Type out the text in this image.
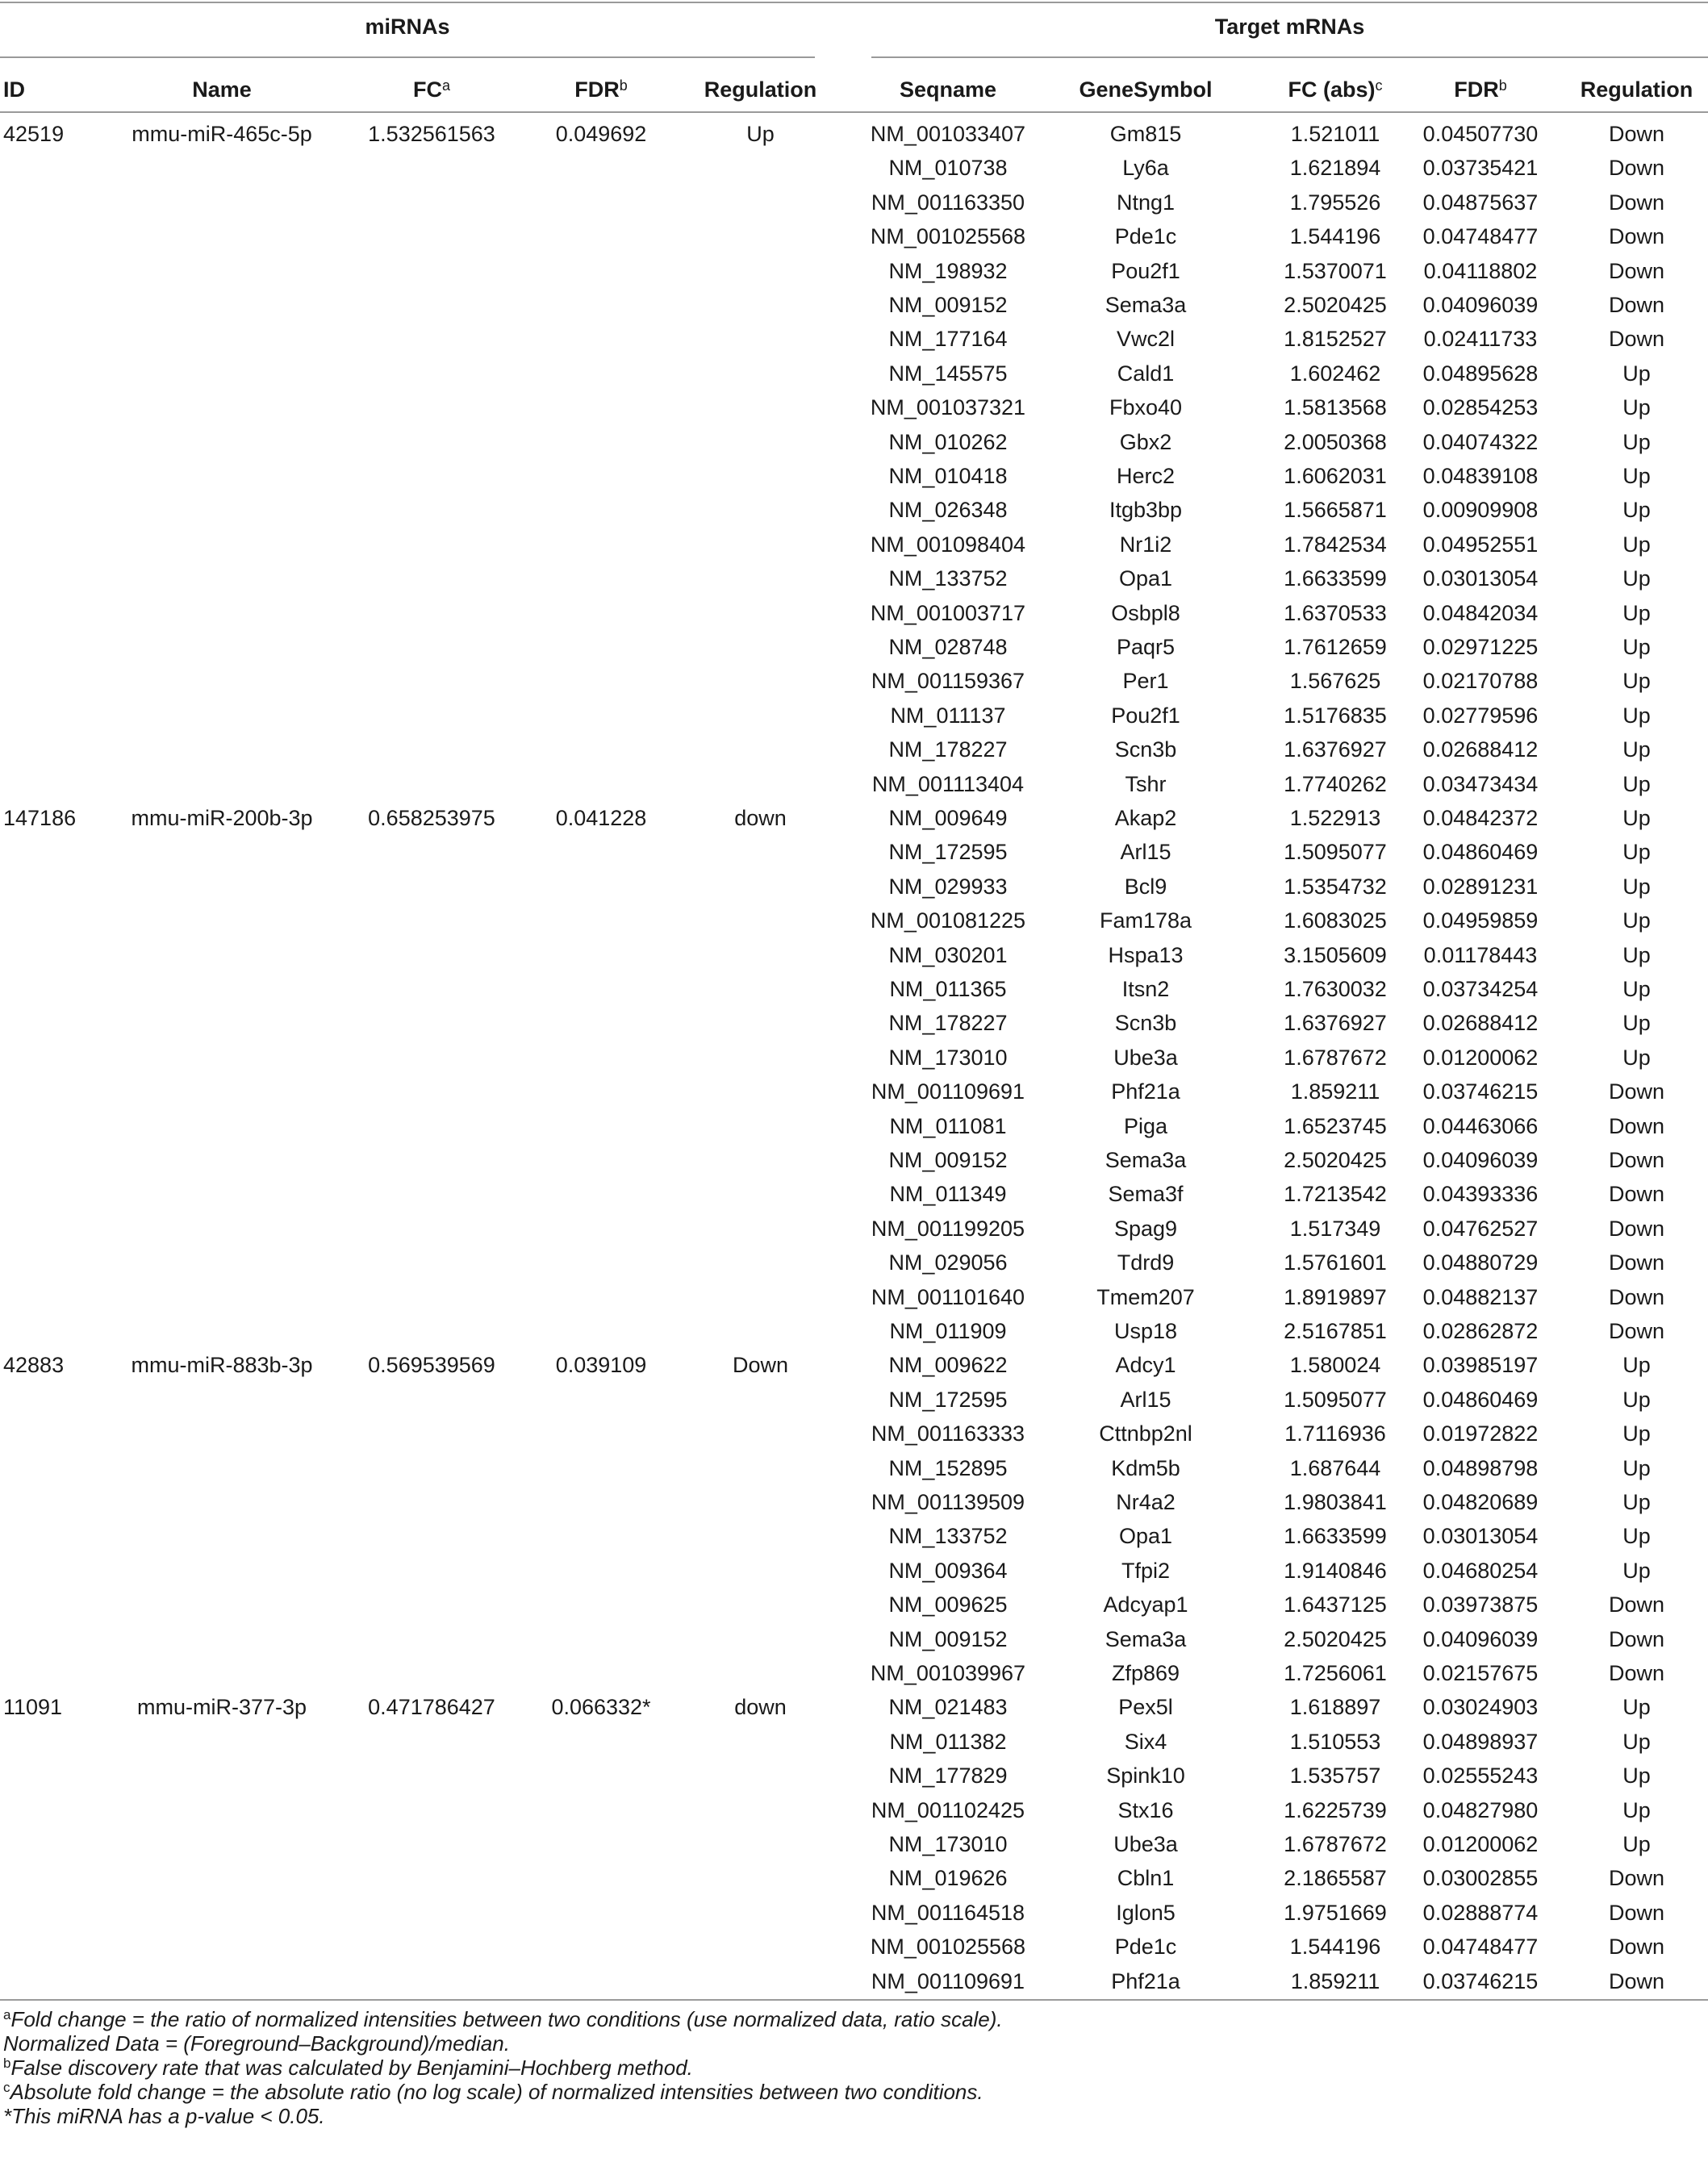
miRNAs	Target mRNAs
ID	Name	$FC^a$	FDR$^b$	Regulation	Seqname	GeneSymbol	FC (abs)$^c$	FDR$^b$	Regulation
42519	mmu-miR-465c-5p	1.532561563	0.049692	Up	NM_001033407	Gm815	1.521011	0.04507730	Down
NM_010738	Ly6a	1.621894	0.03735421	Down
NM_001163350	Ntng1	1.795526	0.04875637	Down
NM_001025568	Pde1c	1.544196	0.04748477	Down
NM_198932	Pou2f1	1.5370071	0.04118802	Down
NM_009152	Sema3a	2.5020425	0.04096039	Down
NM_177164	Vwc2l	1.8152527	0.02411733	Down
NM_145575	Cald1	1.602462	0.04895628	Up
NM_001037321	Fbxo40	1.5813568	0.02854253	Up
NM_010262	Gbx2	2.0050368	0.04074322	Up
NM_010418	Herc2	1.6062031	0.04839108	Up
NM_026348	Itgb3bp	1.5665871	0.00909908	Up
NM_001098404	Nr1i2	1.7842534	0.04952551	Up
NM_133752	Opa1	1.6633599	0.03013054	Up
NM_001003717	Osbpl8	1.6370533	0.04842034	Up
NM_028748	Paqr5	1.7612659	0.02971225	Up
NM_001159367	Per1	1.567625	0.02170788	Up
NM_011137	Pou2f1	1.5176835	0.02779596	Up
NM_178227	Scn3b	1.6376927	0.02688412	Up
NM_001113404	Tshr	1.7740262	0.03473434	Up
147186	mmu-miR-200b-3p	0.658253975	0.041228	down	NM_009649	Akap2	1.522913	0.04842372	Up
NM_172595	Arl15	1.5095077	0.04860469	Up
NM_029933	Bcl9	1.5354732	0.02891231	Up
NM_001081225	Fam178a	1.6083025	0.04959859	Up
NM_030201	Hspa13	3.1505609	0.01178443	Up
NM_011365	Itsn2	1.7630032	0.03734254	Up
NM_178227	Scn3b	1.6376927	0.02688412	Up
NM_173010	Ube3a	1.6787672	0.01200062	Up
NM_001109691	Phf21a	1.859211	0.03746215	Down
NM_011081	Piga	1.6523745	0.04463066	Down
NM_009152	Sema3a	2.5020425	0.04096039	Down
NM_011349	Sema3f	1.7213542	0.04393336	Down
NM_001199205	Spag9	1.517349	0.04762527	Down
NM_029056	Tdrd9	1.5761601	0.04880729	Down
NM_001101640	Tmem207	1.8919897	0.04882137	Down
NM_011909	Usp18	2.5167851	0.02862872	Down
42883	mmu-miR-883b-3p	0.569539569	0.039109	Down	NM_009622	Adcy1	1.580024	0.03985197	Up
NM_172595	Arl15	1.5095077	0.04860469	Up
NM_001163333	Cttnbp2nl	1.7116936	0.01972822	Up
NM_152895	Kdm5b	1.687644	0.04898798	Up
NM_001139509	Nr4a2	1.9803841	0.04820689	Up
NM_133752	Opa1	1.6633599	0.03013054	Up
NM_009364	Tfpi2	1.9140846	0.04680254	Up
NM_009625	Adcyap1	1.6437125	0.03973875	Down
NM_009152	Sema3a	2.5020425	0.04096039	Down
NM_001039967	Zfp869	1.7256061	0.02157675	Down
11091	mmu-miR-377-3p	0.471786427	0.066332*	down	NM_021483	Pex5l	1.618897	0.03024903	Up
NM_011382	Six4	1.510553	0.04898937	Up
NM_177829	Spink10	1.535757	0.02555243	Up
NM_001102425	Stx16	1.6225739	0.04827980	Up
NM_173010	Ube3a	1.6787672	0.01200062	Up
NM_019626	Cbln1	2.1865587	0.03002855	Down
NM_001164518	Iglon5	1.9751669	0.02888774	Down
NM_001025568	Pde1c	1.544196	0.04748477	Down
NM_001109691	Phf21a	1.859211	0.03746215	Down
$^a$Fold change = the ratio of normalized intensities between two conditions (use normalized data, ratio scale).
Normalized Data = (Foreground–Background)/median.
$^b$False discovery rate that was calculated by Benjamini–Hochberg method.
$^c$Absolute fold change = the absolute ratio (no log scale) of normalized intensities between two conditions.
*This miRNA has a p-value < 0.05.
